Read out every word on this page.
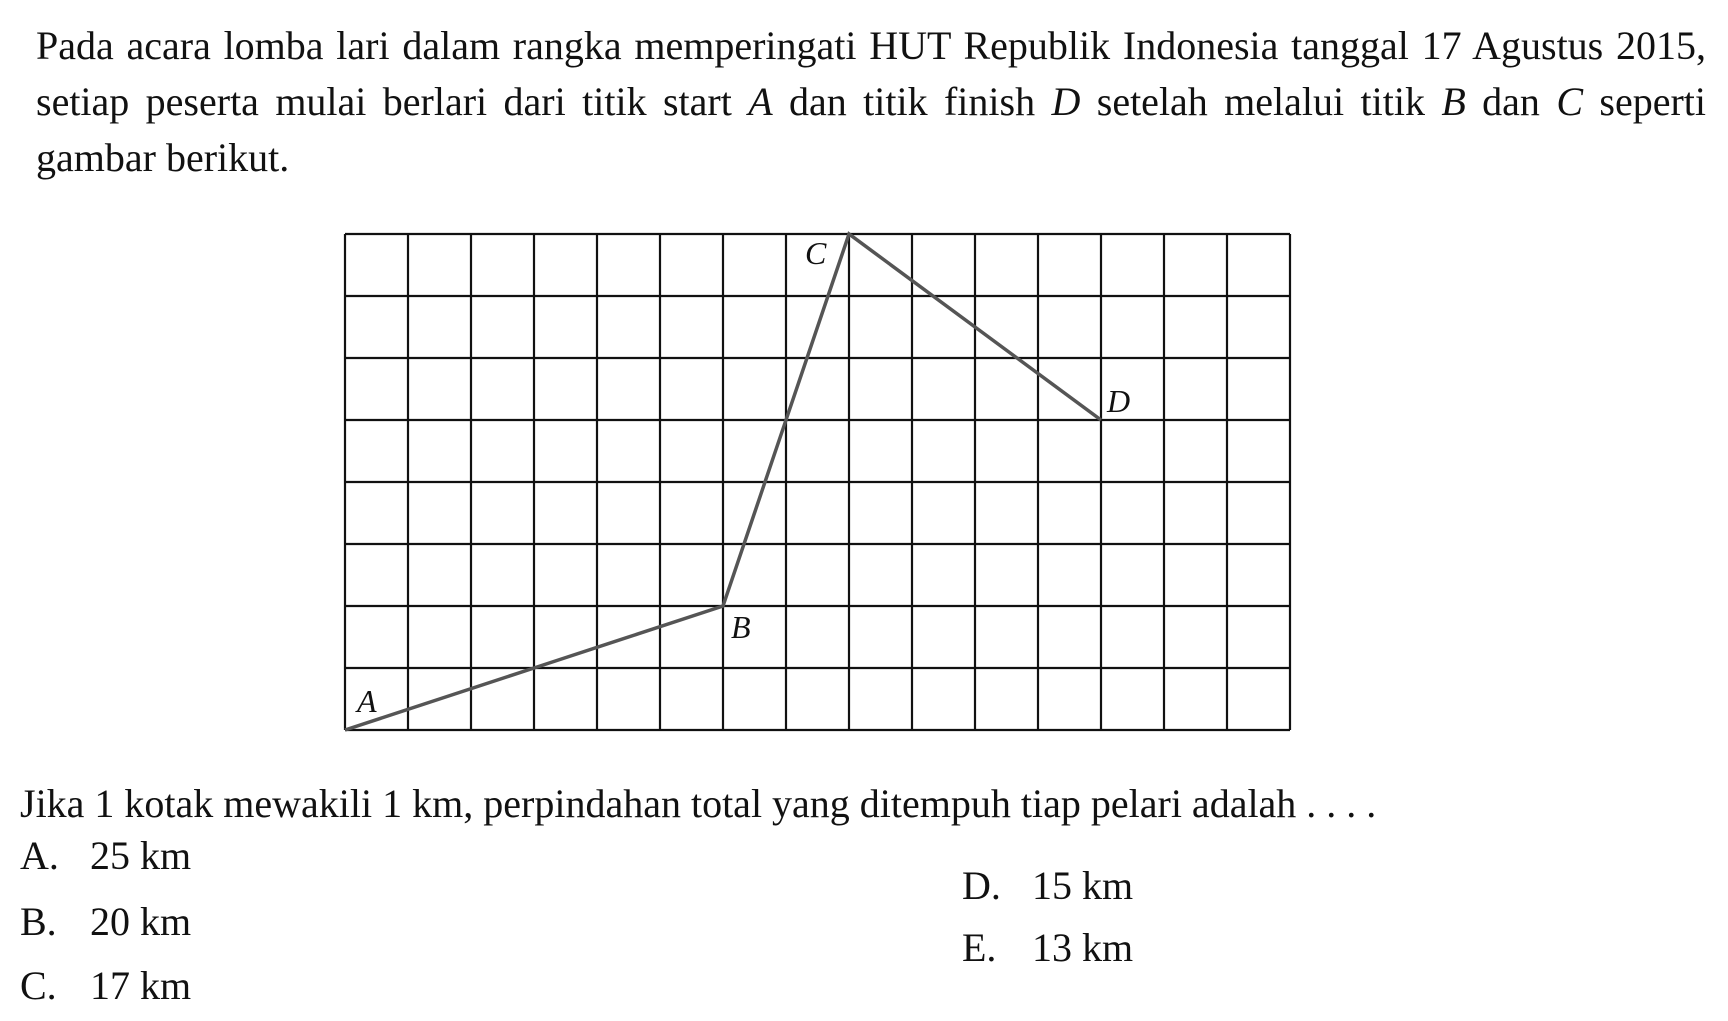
Pada acara lomba lari dalam rangka memperingati HUT Republik Indonesia tanggal 17 Agustus 2015, setiap peserta mulai berlari dari titik start A dan titik finish D setelah melalui titik B dan C seperti gambar berikut.

A
B
C
D

Jika 1 kotak mewakili 1 km, perpindahan total yang ditempuh tiap pelari adalah . . . .

A. 25 km
B. 20 km
C. 17 km
D. 15 km
E. 13 km
